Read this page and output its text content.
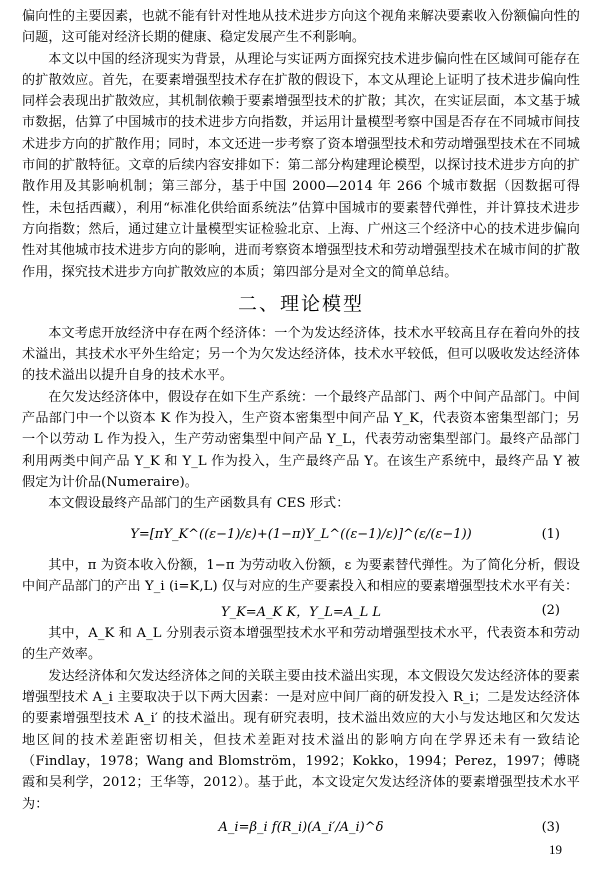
偏向性的主要因素，也就不能有针对性地从技术进步方向这个视角来解决要素收入份额偏向性的问题，这可能对经济长期的健康、稳定发展产生不利影响。

本文以中国的经济现实为背景，从理论与实证两方面探究技术进步偏向性在区域间可能存在的扩散效应。首先，在要素增强型技术存在扩散的假设下，本文从理论上证明了技术进步偏向性同样会表现出扩散效应，其机制依赖于要素增强型技术的扩散；其次，在实证层面，本文基于城市数据，估算了中国城市的技术进步方向指数，并运用计量模型考察中国是否存在不同城市间技术进步方向的扩散作用；同时，本文还进一步考察了资本增强型技术和劳动增强型技术在不同城市间的扩散特征。文章的后续内容安排如下：第二部分构建理论模型，以探讨技术进步方向的扩散作用及其影响机制；第三部分，基于中国 2000—2014 年 266 个城市数据（因数据可得性，未包括西藏），利用“标准化供给面系统法”估算中国城市的要素替代弹性，并计算技术进步方向指数；然后，通过建立计量模型实证检验北京、上海、广州这三个经济中心的技术进步偏向性对其他城市技术进步方向的影响，进而考察资本增强型技术和劳动增强型技术在城市间的扩散作用，探究技术进步方向扩散效应的本质；第四部分是对全文的简单总结。

二、理论模型

本文考虑开放经济中存在两个经济体：一个为发达经济体，技术水平较高且存在着向外的技术溢出，其技术水平外生给定；另一个为欠发达经济体，技术水平较低，但可以吸收发达经济体的技术溢出以提升自身的技术水平。

在欠发达经济体中，假设存在如下生产系统：一个最终产品部门、两个中间产品部门。中间产品部门中一个以资本 K 作为投入，生产资本密集型中间产品 Y_K，代表资本密集型部门；另一个以劳动 L 作为投入，生产劳动密集型中间产品 Y_L，代表劳动密集型部门。最终产品部门利用两类中间产品 Y_K 和 Y_L 作为投入，生产最终产品 Y。在该生产系统中，最终产品 Y 被假定为计价品(Numeraire)。

本文假设最终产品部门的生产函数具有 CES 形式：

Y=[πY_K^((ε−1)/ε)+(1−π)Y_L^((ε−1)/ε)]^(ε/(ε−1))	(1)

其中，π 为资本收入份额，1−π 为劳动收入份额，ε 为要素替代弹性。为了简化分析，假设中间产品部门的产出 Y_i (i=K,L) 仅与对应的生产要素投入和相应的要素增强型技术水平有关：

Y_K=A_K K，Y_L=A_L L	(2)

其中，A_K 和 A_L 分别表示资本增强型技术水平和劳动增强型技术水平，代表资本和劳动的生产效率。

发达经济体和欠发达经济体之间的关联主要由技术溢出实现，本文假设欠发达经济体的要素增强型技术 A_i 主要取决于以下两大因素：一是对应中间厂商的研发投入 R_i；二是发达经济体的要素增强型技术 A_i′ 的技术溢出。现有研究表明，技术溢出效应的大小与发达地区和欠发达地区间的技术差距密切相关，但技术差距对技术溢出的影响方向在学界还未有一致结论（Findlay，1978；Wang and Blomström，1992；Kokko，1994；Perez，1997；傅晓霞和吴利学，2012；王华等，2012）。基于此，本文设定欠发达经济体的要素增强型技术水平为：

A_i=β_i f(R_i)(A_i′/A_i)^δ	(3)
19
